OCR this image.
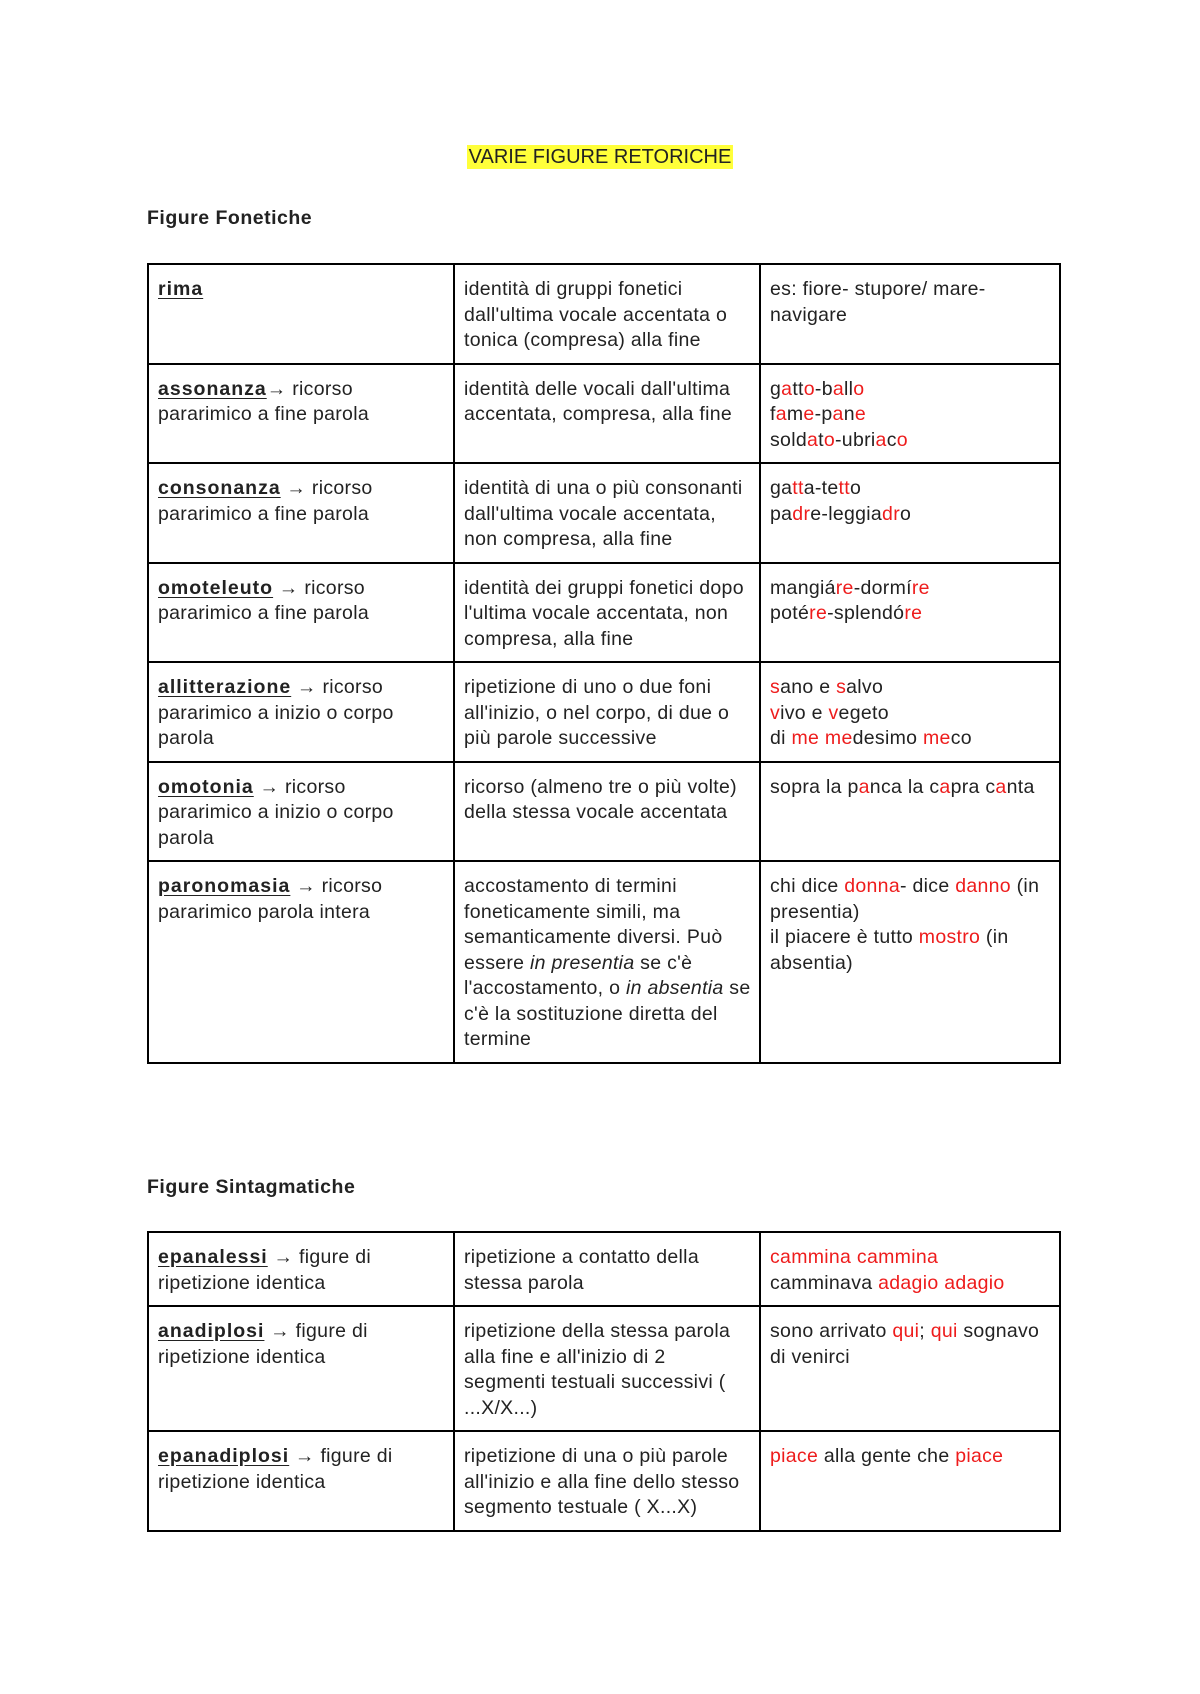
VARIE FIGURE RETORICHE
Figure Fonetiche
rima	identità di gruppi fonetici dall'ultima vocale accentata o tonica (compresa) alla fine	es: fiore- stupore/ mare-navigare

assonanza→ ricorso pararimico a fine parola	identità delle vocali dall'ultima accentata, compresa, alla fine	gatto-ballo
fame-pane
soldato-ubriaco

consonanza → ricorso pararimico a fine parola	identità di una o più consonanti dall'ultima vocale accentata, non compresa, alla fine	gatta-tetto
padre-leggiadro

omoteleuto → ricorso pararimico a fine parola	identità dei gruppi fonetici dopo l'ultima vocale accentata, non compresa, alla fine	mangiáre-dormíre
potére-splendóre

allitterazione → ricorso pararimico a inizio o corpo parola	ripetizione di uno o due foni all'inizio, o nel corpo, di due o più parole successive	sano e salvo
vivo e vegeto
di me medesimo meco

omotonia → ricorso pararimico a inizio o corpo parola	ricorso (almeno tre o più volte) della stessa vocale accentata	sopra la panca la capra canta

paronomasia → ricorso pararimico parola intera	accostamento di termini foneticamente simili, ma semanticamente diversi. Può essere in presentia se c'è l'accostamento, o in absentia se c'è la sostituzione diretta del termine	chi dice donna- dice danno (in presentia)
il piacere è tutto mostro (in absentia)
Figure Sintagmatiche
epanalessi → figure di ripetizione identica	ripetizione a contatto della stessa parola	cammina cammina
camminava adagio adagio

anadiplosi → figure di ripetizione identica	ripetizione della stessa parola alla fine e all'inizio di 2 segmenti testuali successivi ( ...X/X...)	sono arrivato qui; qui sognavo di venirci

epanadiplosi → figure di ripetizione identica	ripetizione di una o più parole all'inizio e alla fine dello stesso segmento testuale ( X...X)	piace alla gente che piace
